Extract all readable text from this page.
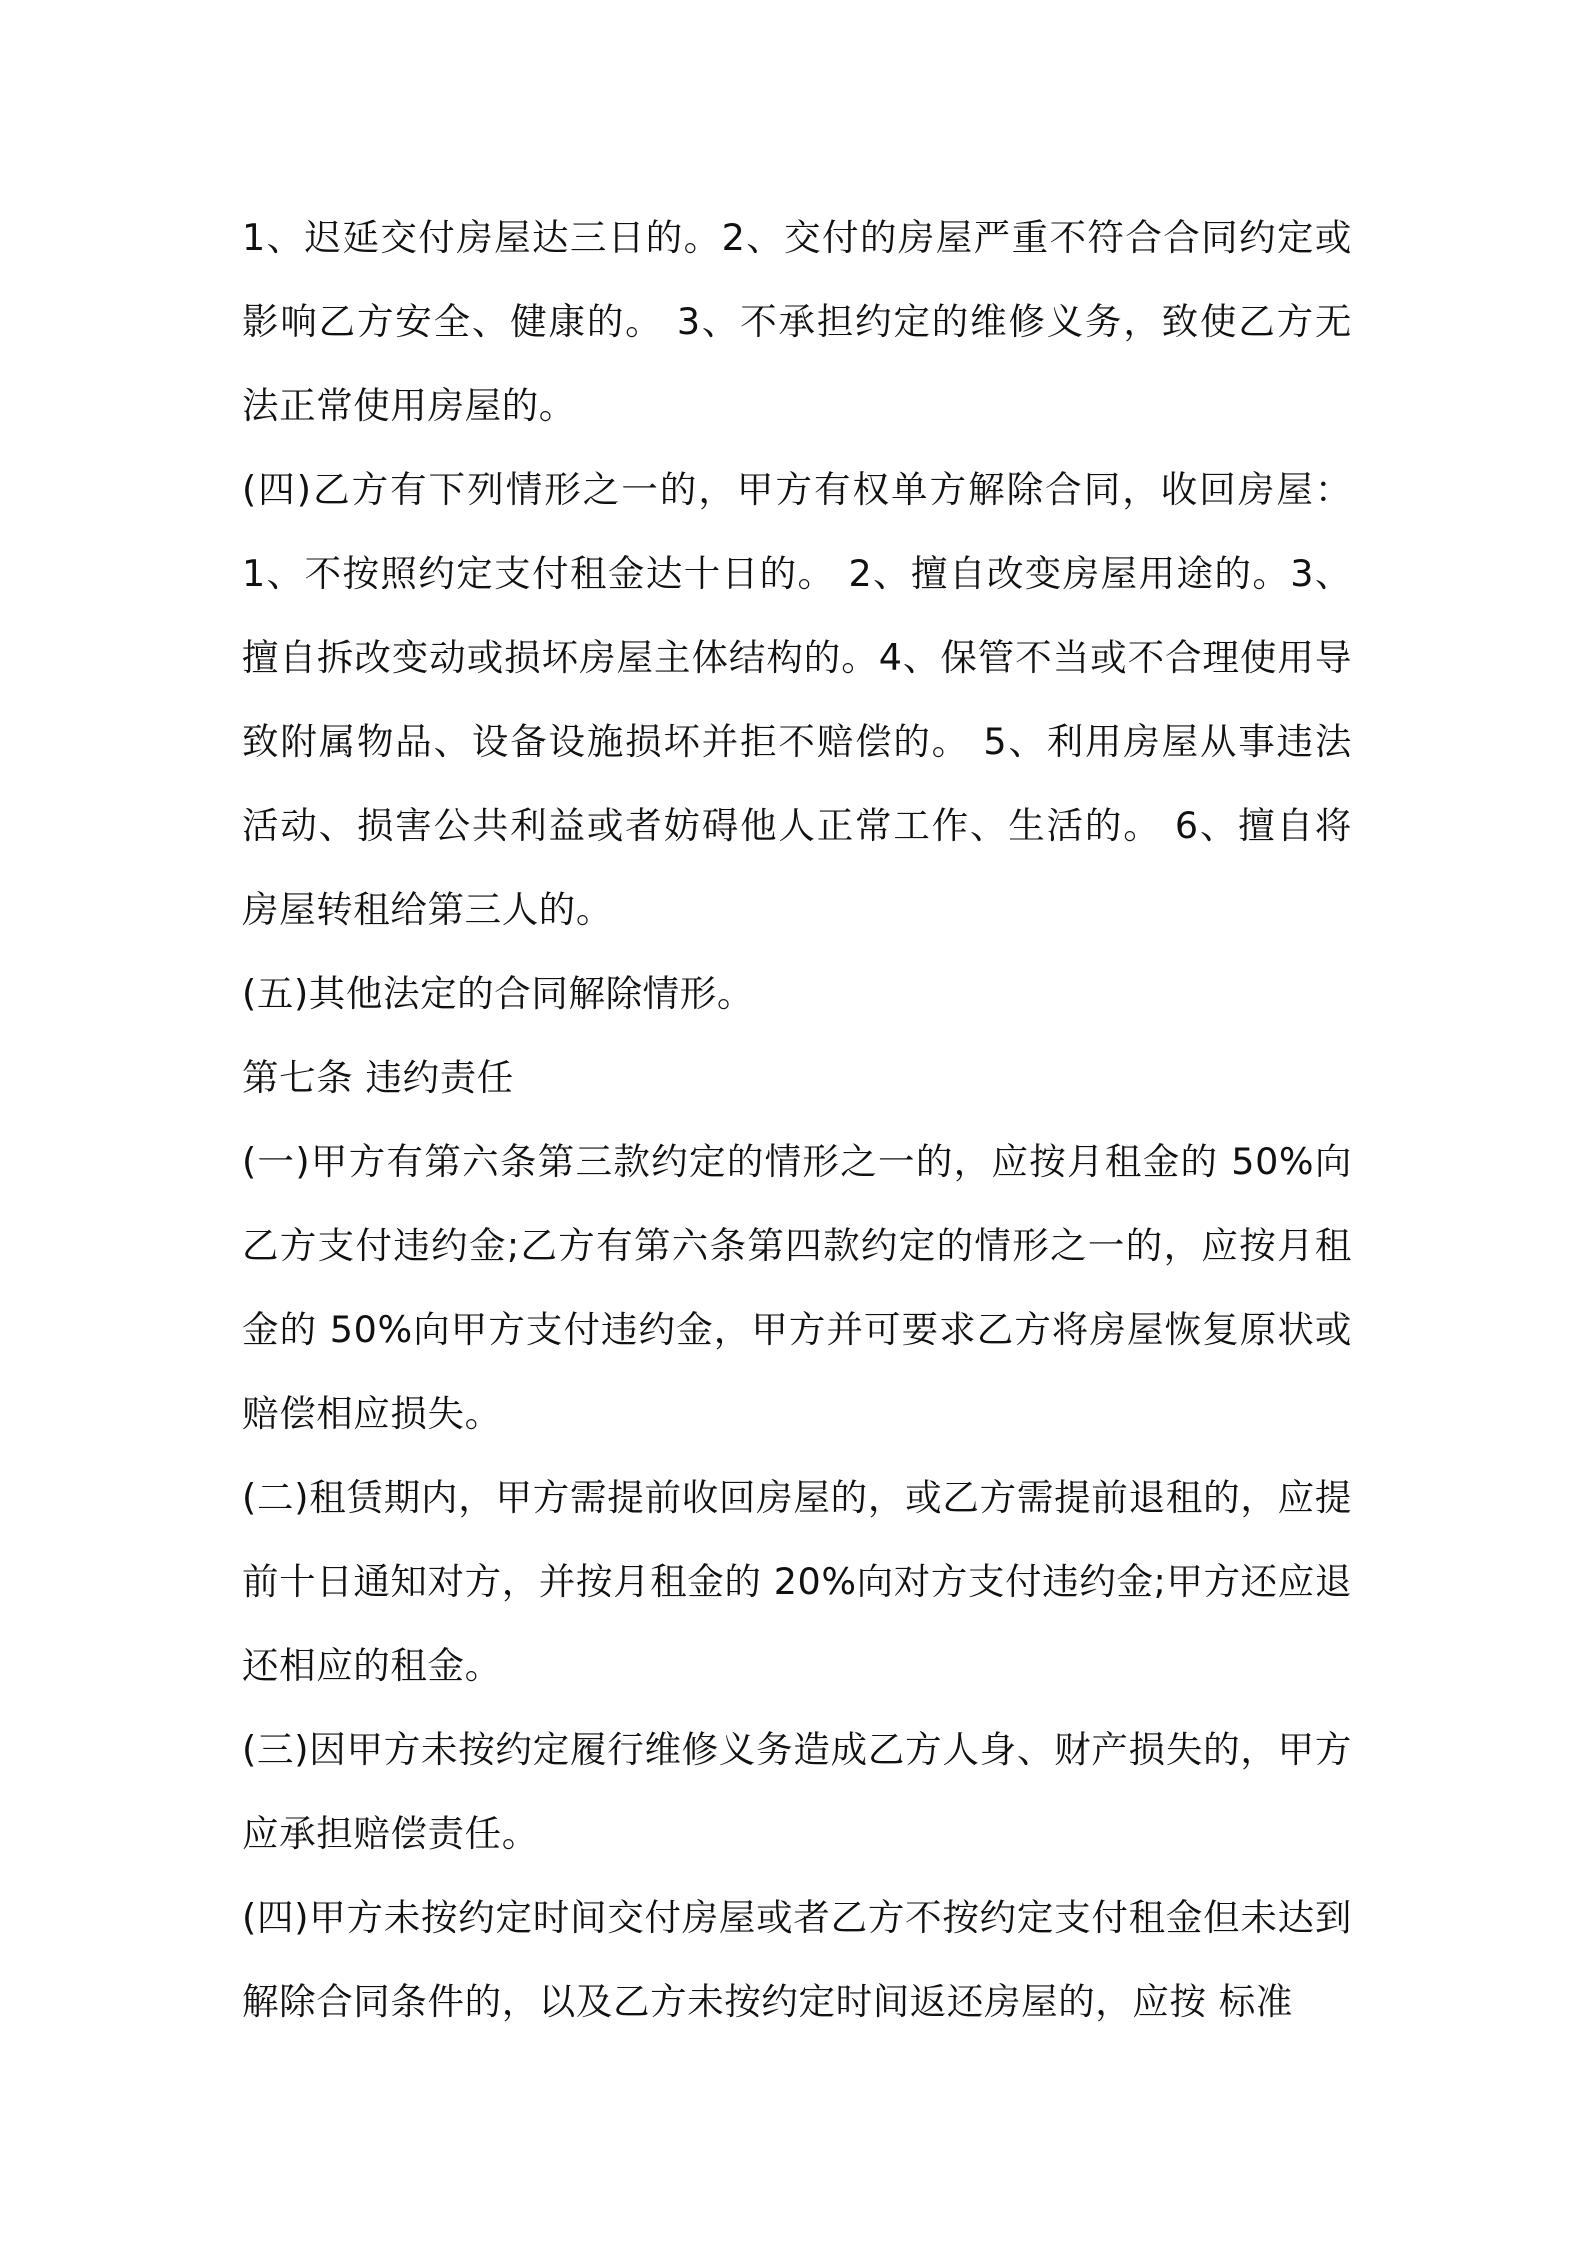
1、迟延交付房屋达三日的。2、交付的房屋严重不符合合同约定或影响乙方安全、健康的。 3、不承担约定的维修义务，致使乙方无法正常使用房屋的。

(四)乙方有下列情形之一的，甲方有权单方解除合同，收回房屋： 1、不按照约定支付租金达十日的。 2、擅自改变房屋用途的。3、擅自拆改变动或损坏房屋主体结构的。4、保管不当或不合理使用导致附属物品、设备设施损坏并拒不赔偿的。 5、利用房屋从事违法活动、损害公共利益或者妨碍他人正常工作、生活的。 6、擅自将房屋转租给第三人的。

(五)其他法定的合同解除情形。

第七条 违约责任

(一)甲方有第六条第三款约定的情形之一的，应按月租金的 50%向乙方支付违约金;乙方有第六条第四款约定的情形之一的，应按月租金的 50%向甲方支付违约金，甲方并可要求乙方将房屋恢复原状或赔偿相应损失。

(二)租赁期内，甲方需提前收回房屋的，或乙方需提前退租的，应提前十日通知对方，并按月租金的 20%向对方支付违约金;甲方还应退还相应的租金。

(三)因甲方未按约定履行维修义务造成乙方人身、财产损失的，甲方应承担赔偿责任。

(四)甲方未按约定时间交付房屋或者乙方不按约定支付租金但未达到解除合同条件的，以及乙方未按约定时间返还房屋的，应按 标准
